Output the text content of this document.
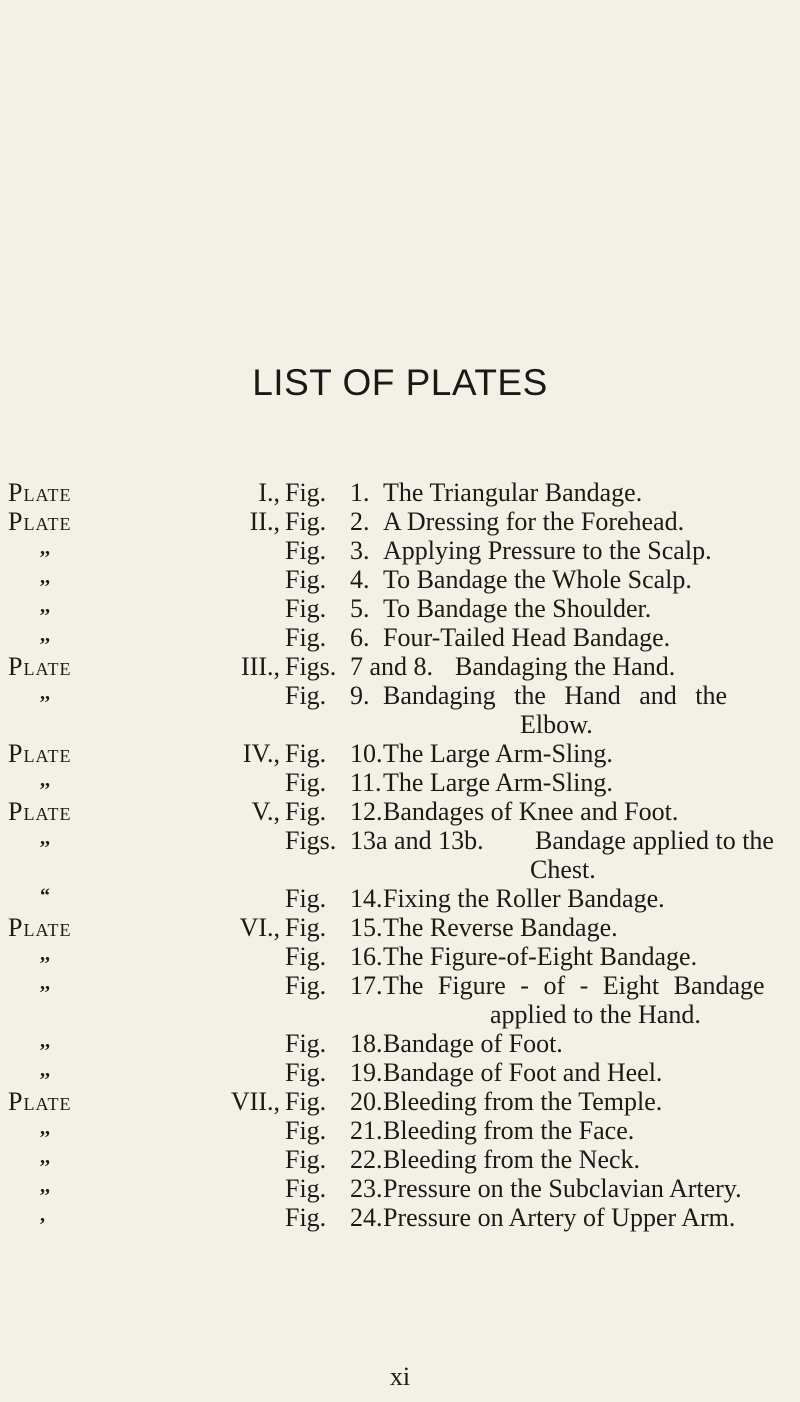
LIST OF PLATES
Plate	I., Fig. 1. The Triangular Bandage.
Plate	II., Fig. 2. A Dressing for the Forehead.
,,	Fig. 3. Applying Pressure to the Scalp.
,,	Fig. 4. To Bandage the Whole Scalp.
,,	Fig. 5. To Bandage the Shoulder.
,,	Fig. 6. Four-Tailed Head Bandage.
Plate	III., Figs. 7 and 8. Bandaging the Hand.
,,	Fig. 9. Bandaging the Hand and the
Elbow.
Plate	IV., Fig. 10. The Large Arm-Sling.
,,	Fig. 11. The Large Arm-Sling.
Plate	V., Fig. 12. Bandages of Knee and Foot.
,,	Figs. 13a and 13b. Bandage applied to the
Chest.
“	Fig. 14. Fixing the Roller Bandage.
Plate	VI., Fig. 15. The Reverse Bandage.
,,	Fig. 16. The Figure-of-Eight Bandage.
,,	Fig. 17. The Figure - of - Eight Bandage
applied to the Hand.
,,	Fig. 18. Bandage of Foot.
,,	Fig. 19. Bandage of Foot and Heel.
Plate	VII., Fig. 20. Bleeding from the Temple.
,,	Fig. 21. Bleeding from the Face.
,,	Fig. 22. Bleeding from the Neck.
,,	Fig. 23. Pressure on the Subclavian Artery.
,	Fig. 24. Pressure on Artery of Upper Arm.
xi
